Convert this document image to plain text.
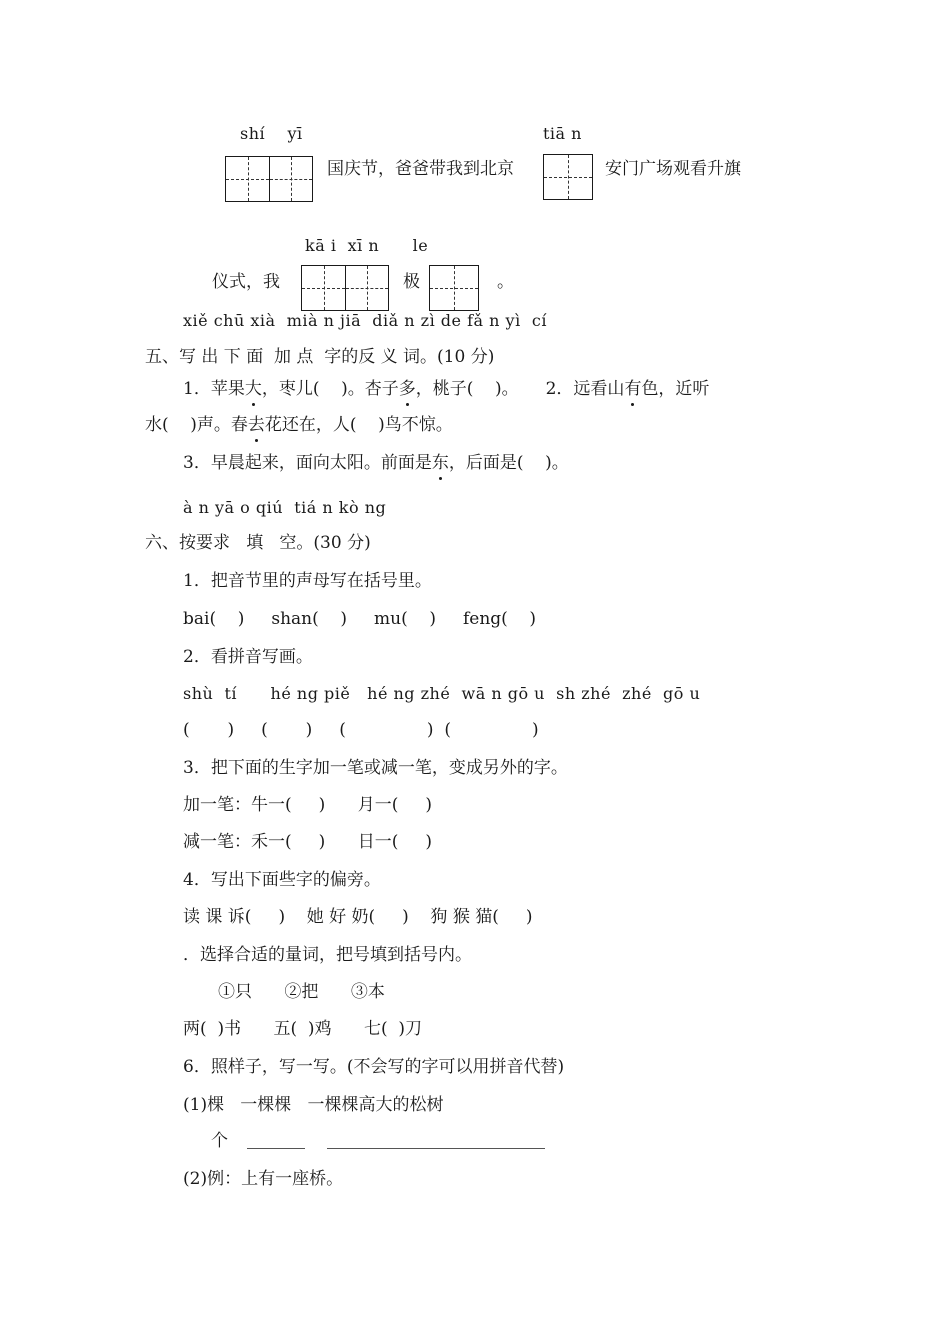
shí    yī	tiā n
国庆节，爸爸带我到北京	安门广场观看升旗
kā i  xī n      le
仪式，我	极	。
xiě chū xià  mià n jiā  diǎ n zì de fǎ n yì  cí
五、写 出 下 面  加 点  字的反 义 词。(10 分)
1．苹果大，枣儿(    )。杏子多，桃子(    )。     2．远看山有色，近听
水(    )声。春去花还在，人(    )鸟不惊。
3．早晨起来，面向太阳。前面是东，后面是(    )。
à n yā o qiú  tiá n kò ng
六、按要求   填   空。(30 分)
1．把音节里的声母写在括号里。
bai(    )     shan(    )     mu(    )     feng(    )
2．看拼音写画。
shù  tí      hé ng piě   hé ng zhé  wā n gō u  sh zhé  zhé  gō u
(       )     (       )     (               )  (               )
3．把下面的生字加一笔或减一笔，变成另外的字。
加一笔：牛一(     )      月一(     )
减一笔：禾一(     )      日一(     )
4．写出下面些字的偏旁。
读 课 诉(     )    她 好 奶(     )    狗 猴 猫(     )
．选择合适的量词，把号填到括号内。
①只      ②把      ③本
两(  )书      五(  )鸡      七(  )刀
6．照样子，写一写。(不会写的字可以用拼音代替)
(1)棵   一棵棵   一棵棵高大的松树
个
(2)例：上有一座桥。
